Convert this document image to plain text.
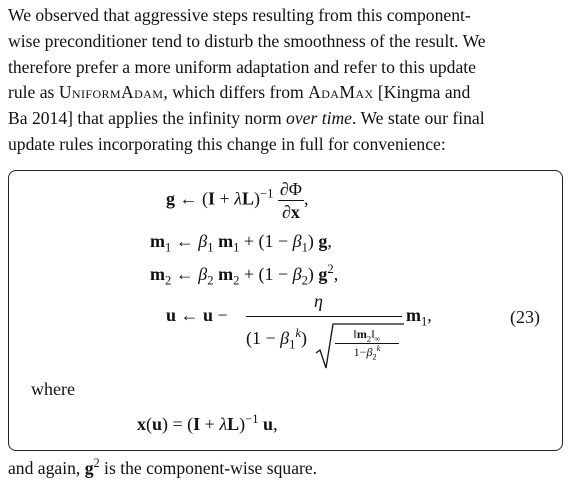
We observed that aggressive steps resulting from this component-
wise preconditioner tend to disturb the smoothness of the result. We
therefore prefer a more uniform adaptation and refer to this update
rule as UniformAdam, which differs from AdaMax [Kingma and
Ba 2014] that applies the infinity norm over time. We state our final
update rules incorporating this change in full for convenience:
g ← $(I + \lambda L)^{-1} \frac{\partial\Phi}{\partial x}$ ,
$m_1$ ← $\beta_1$ $m_1 + (1 - \beta_1)$ g,
$m_2$ ← $\beta_2$ $m_2 + (1 - \beta_2)$ $g^2$,
u ← u −
η
$(1 - \beta_1^k)$	$‖m_2‖_\infty$
$1-\beta_2^k$
$m_1$,	(23)
where
$x(u) = (I + \lambda L)^{-1}$ u,
and again, $g^2$ is the component-wise square.
